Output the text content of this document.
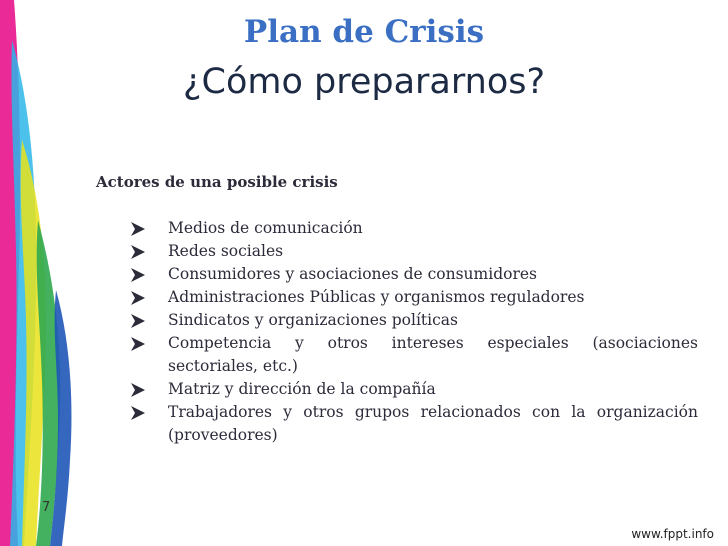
Plan de Crisis
¿Cómo prepararnos?
Actores de una posible crisis
Medios de comunicación
Redes sociales
Consumidores y asociaciones de consumidores
Administraciones Públicas y organismos reguladores
Sindicatos y organizaciones políticas
Competencia y otros intereses especiales (asociaciones sectoriales, etc.)
Matriz y dirección de la compañía
Trabajadores y otros grupos relacionados con la organización (proveedores)
7
www.fppt.info
